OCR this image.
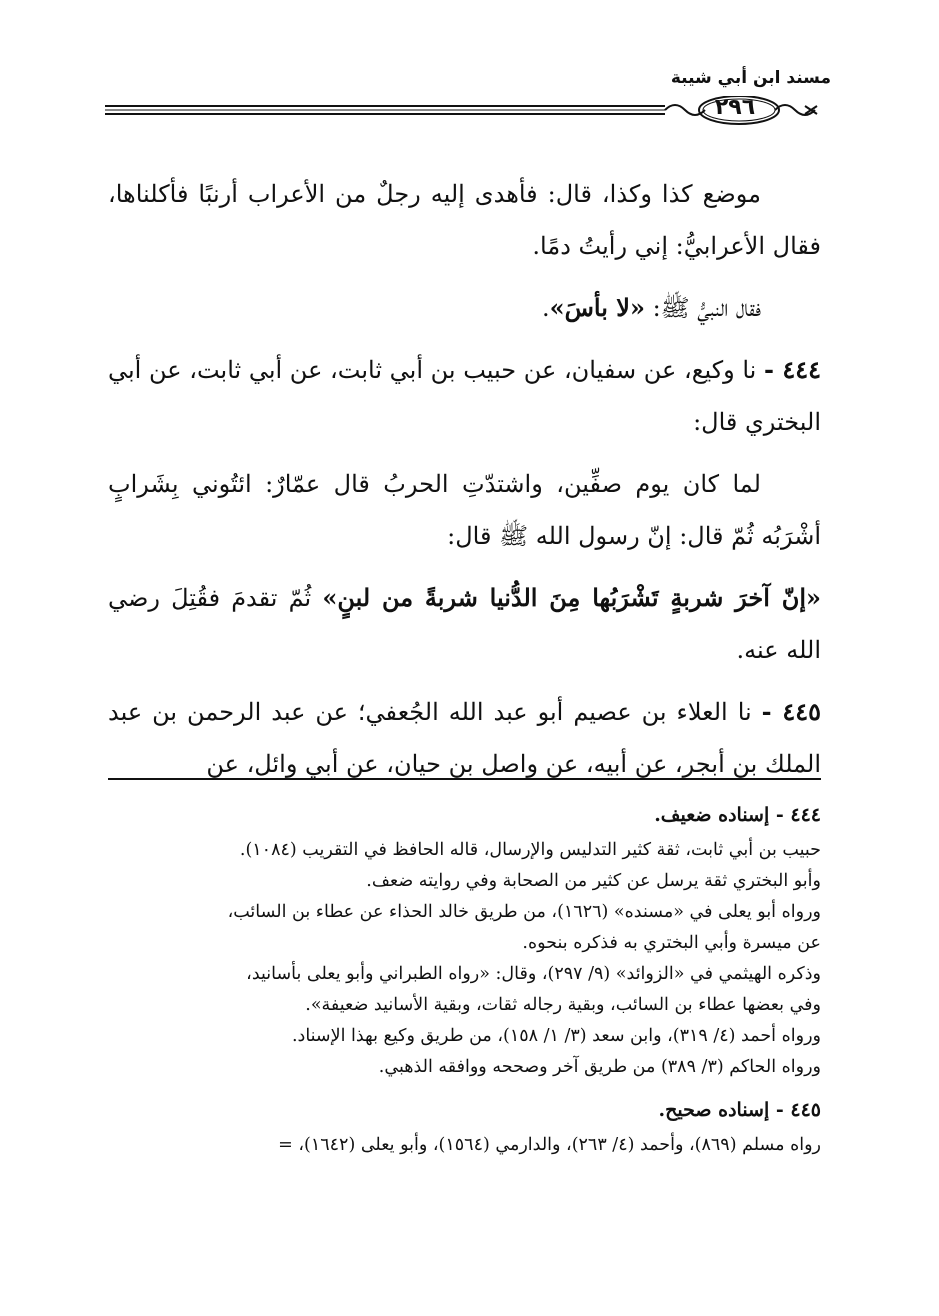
مسند ابن أبي شيبة
٢٩٦

موضع كذا وكذا، قال: فأهدى إليه رجلٌ من الأعراب أرنبًا فأكلناها، فقال الأعرابيُّ: إني رأيتُ دمًا.

فقال النبيُّ ﷺ: «لا بأسَ».

٤٤٤ - نا وكيع، عن سفيان، عن حبيب بن أبي ثابت، عن أبي ثابت، عن أبي البختري قال:

لما كان يوم صفِّين، واشتدّتِ الحربُ قال عمّارٌ: ائتُوني بِشَرابٍ أشْرَبُه ثُمّ قال: إنّ رسول الله ﷺ قال:

«إنّ آخرَ شربةٍ تَشْرَبُها مِنَ الدُّنيا شربةً من لبنٍ» ثُمّ تقدمَ فقُتِلَ رضي الله عنه.

٤٤٥ - نا العلاء بن عصيم أبو عبد الله الجُعفي؛ عن عبد الرحمن بن عبد الملك بن أبجر، عن أبيه، عن واصل بن حيان، عن أبي وائل، عن

٤٤٤ - إسناده ضعيف.

حبيب بن أبي ثابت، ثقة كثير التدليس والإرسال، قاله الحافظ في التقريب (١٠٨٤).

وأبو البختري ثقة يرسل عن كثير من الصحابة وفي روايته ضعف.

ورواه أبو يعلى في «مسنده» (١٦٢٦)، من طريق خالد الحذاء عن عطاء بن السائب،

عن ميسرة وأبي البختري به فذكره بنحوه.

وذكره الهيثمي في «الزوائد» (٩/ ٢٩٧)، وقال: «رواه الطبراني وأبو يعلى بأسانيد،

وفي بعضها عطاء بن السائب، وبقية رجاله ثقات، وبقية الأسانيد ضعيفة».

ورواه أحمد (٤/ ٣١٩)، وابن سعد (٣/ ١/ ١٥٨)، من طريق وكيع بهذا الإسناد.

ورواه الحاكم (٣/ ٣٨٩) من طريق آخر وصححه ووافقه الذهبي.

٤٤٥ - إسناده صحيح.

رواه مسلم (٨٦٩)، وأحمد (٤/ ٢٦٣)، والدارمي (١٥٦٤)، وأبو يعلى (١٦٤٢)، =
